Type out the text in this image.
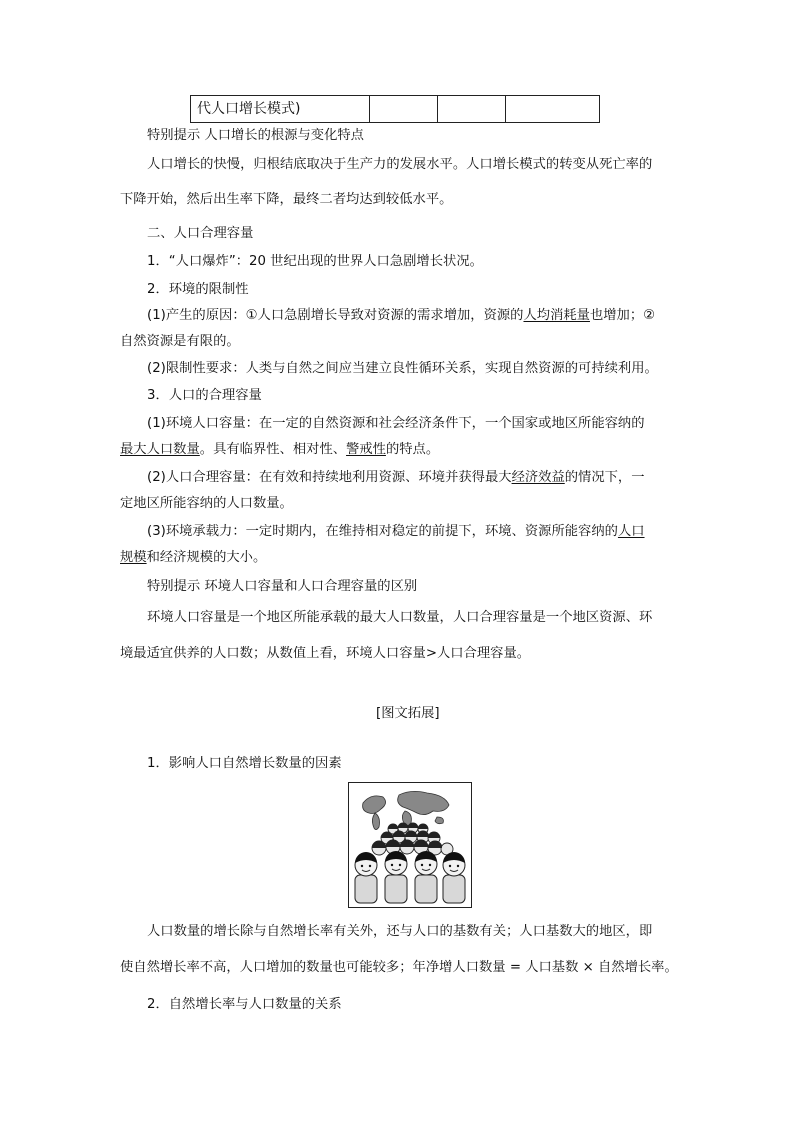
代人口增长模式)
特别提示 人口增长的根源与变化特点
人口增长的快慢，归根结底取决于生产力的发展水平。人口增长模式的转变从死亡率的
下降开始，然后出生率下降，最终二者均达到较低水平。
二、人口合理容量
1．“人口爆炸”：20 世纪出现的世界人口急剧增长状况。
2．环境的限制性
(1)产生的原因：①人口急剧增长导致对资源的需求增加，资源的人均消耗量也增加；②
自然资源是有限的。
(2)限制性要求：人类与自然之间应当建立良性循环关系，实现自然资源的可持续利用。
3．人口的合理容量
(1)环境人口容量：在一定的自然资源和社会经济条件下，一个国家或地区所能容纳的
最大人口数量。具有临界性、相对性、警戒性的特点。
(2)人口合理容量：在有效和持续地利用资源、环境并获得最大经济效益的情况下，一
定地区所能容纳的人口数量。
(3)环境承载力：一定时期内，在维持相对稳定的前提下，环境、资源所能容纳的人口
规模和经济规模的大小。
特别提示 环境人口容量和人口合理容量的区别
环境人口容量是一个地区所能承载的最大人口数量，人口合理容量是一个地区资源、环
境最适宜供养的人口数；从数值上看，环境人口容量>人口合理容量。
[图文拓展]
1．影响人口自然增长数量的因素
人口数量的增长除与自然增长率有关外，还与人口的基数有关；人口基数大的地区，即
使自然增长率不高，人口增加的数量也可能较多；年净增人口数量 = 人口基数 × 自然增长率。
2．自然增长率与人口数量的关系
